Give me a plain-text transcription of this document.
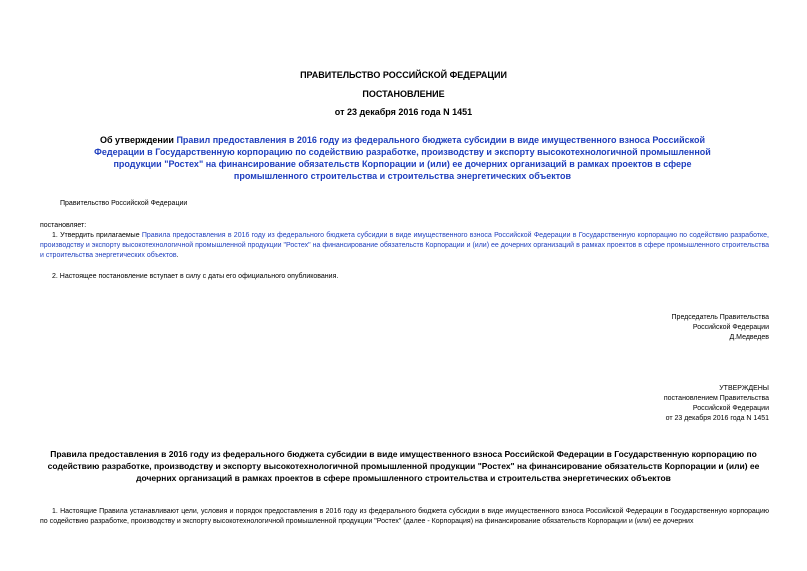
ПРАВИТЕЛЬСТВО РОССИЙСКОЙ ФЕДЕРАЦИИ
ПОСТАНОВЛЕНИЕ
от 23 декабря 2016 года N 1451
Об утверждении Правил предоставления в 2016 году из федерального бюджета субсидии в виде имущественного взноса Российской Федерации в Государственную корпорацию по содействию разработке, производству и экспорту высокотехнологичной промышленной продукции "Ростех" на финансирование обязательств Корпорации и (или) ее дочерних организаций в рамках проектов в сфере промышленного строительства и строительства энергетических объектов
Правительство Российской Федерации
постановляет:
1. Утвердить прилагаемые Правила предоставления в 2016 году из федерального бюджета субсидии в виде имущественного взноса Российской Федерации в Государственную корпорацию по содействию разработке, производству и экспорту высокотехнологичной промышленной продукции "Ростех" на финансирование обязательств Корпорации и (или) ее дочерних организаций в рамках проектов в сфере промышленного строительства и строительства энергетических объектов.
2. Настоящее постановление вступает в силу с даты его официального опубликования.
Председатель Правительства
Российской Федерации
Д.Медведев
УТВЕРЖДЕНЫ
постановлением Правительства
Российской Федерации
от 23 декабря 2016 года N 1451
Правила предоставления в 2016 году из федерального бюджета субсидии в виде имущественного взноса Российской Федерации в Государственную корпорацию по содействию разработке, производству и экспорту высокотехнологичной промышленной продукции "Ростех" на финансирование обязательств Корпорации и (или) ее дочерних организаций в рамках проектов в сфере промышленного строительства и строительства энергетических объектов
1. Настоящие Правила устанавливают цели, условия и порядок предоставления в 2016 году из федерального бюджета субсидии в виде имущественного взноса Российской Федерации в Государственную корпорацию по содействию разработке, производству и экспорту высокотехнологичной промышленной продукции "Ростех" (далее - Корпорация) на финансирование обязательств Корпорации и (или) ее дочерних
